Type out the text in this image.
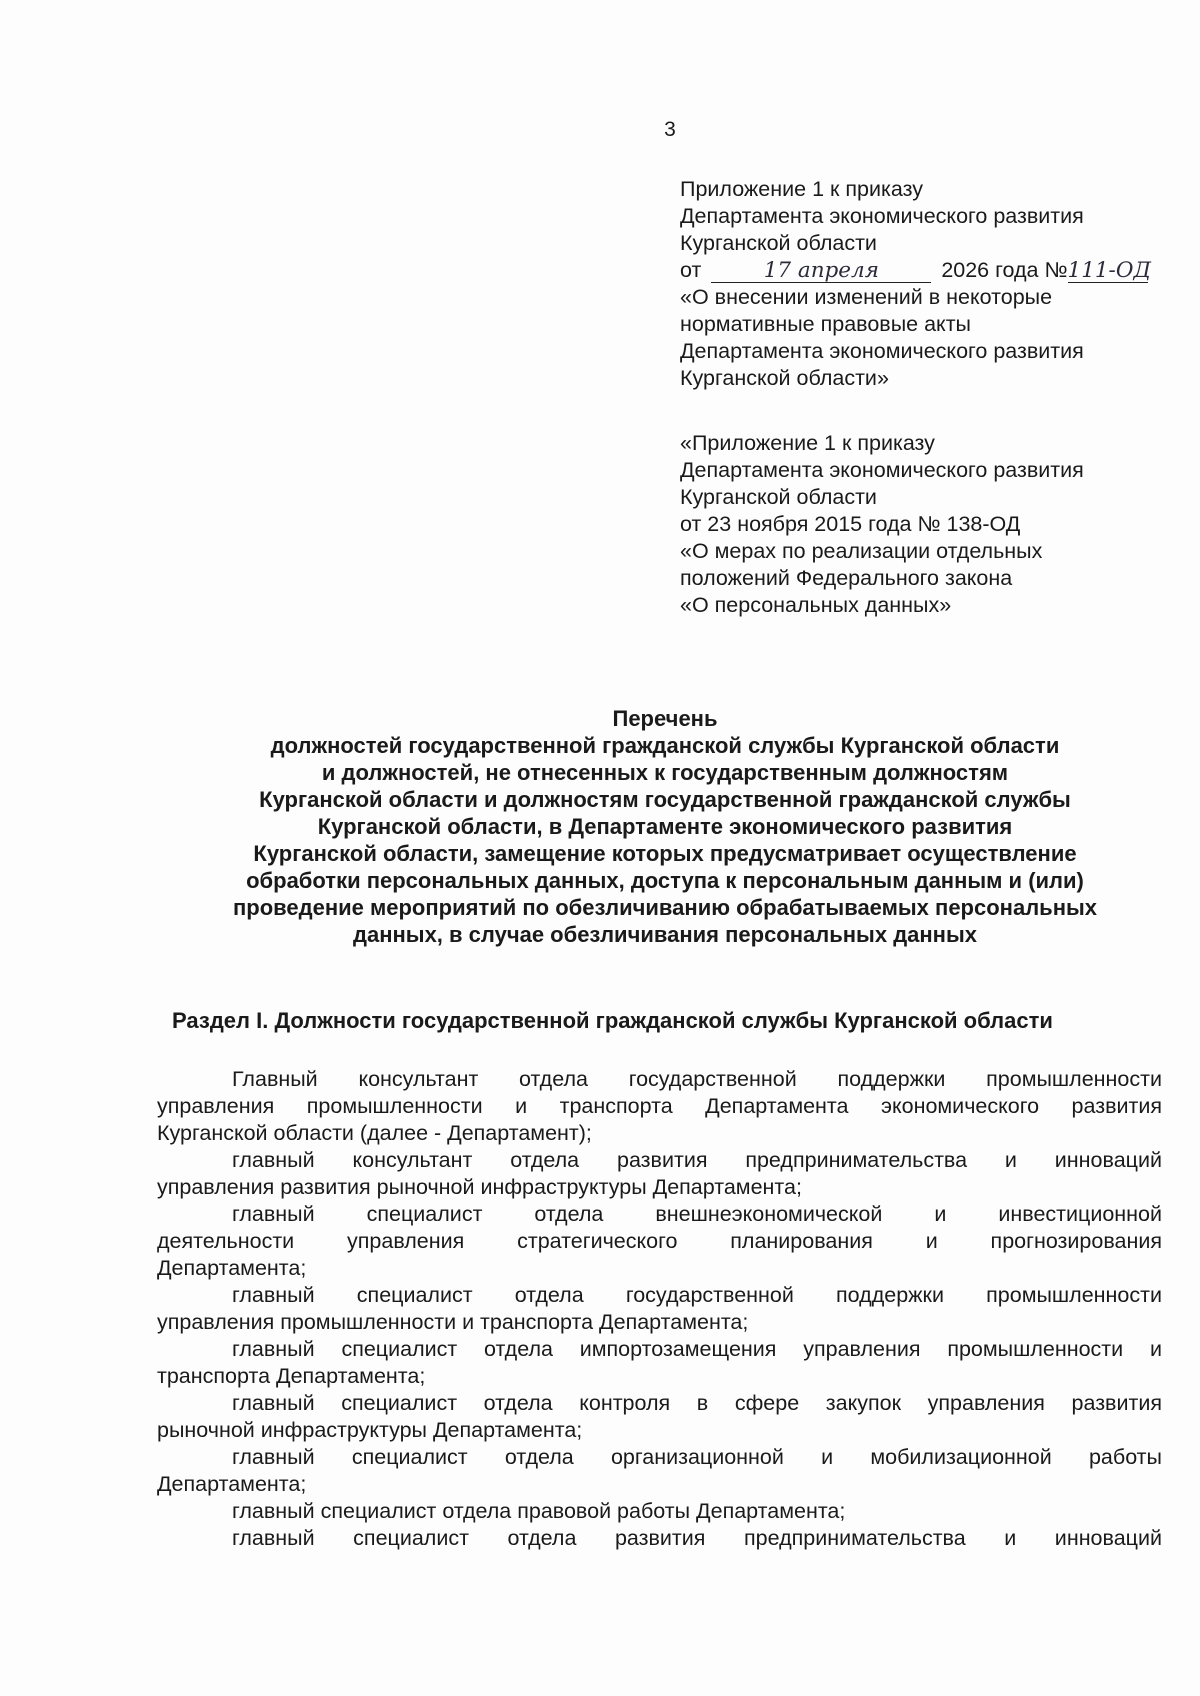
3
Приложение 1 к приказу
Департамента экономического развития
Курганской области
от	17 апреля	2026 года №111-ОД
«О внесении изменений в некоторые
нормативные правовые акты
Департамента экономического развития
Курганской области»
«Приложение 1 к приказу
Департамента экономического развития
Курганской области
от 23 ноября 2015 года № 138-ОД
«О мерах по реализации отдельных
положений Федерального закона
«О персональных данных»
Перечень
должностей государственной гражданской службы Курганской области
и должностей, не отнесенных к государственным должностям
Курганской области и должностям государственной гражданской службы
Курганской области, в Департаменте экономического развития
Курганской области, замещение которых предусматривает осуществление
обработки персональных данных, доступа к персональным данным и (или)
проведение мероприятий по обезличиванию обрабатываемых персональных
данных, в случае обезличивания персональных данных
Раздел I. Должности государственной гражданской службы Курганской области
Главный консультант отдела государственной поддержки промышленности
управления промышленности и транспорта Департамента экономического развития
Курганской области (далее - Департамент);
главный консультант отдела развития предпринимательства и инноваций
управления развития рыночной инфраструктуры Департамента;
главный специалист отдела внешнеэкономической и инвестиционной
деятельности управления стратегического планирования и прогнозирования
Департамента;
главный специалист отдела государственной поддержки промышленности
управления промышленности и транспорта Департамента;
главный специалист отдела импортозамещения управления промышленности и
транспорта Департамента;
главный специалист отдела контроля в сфере закупок управления развития
рыночной инфраструктуры Департамента;
главный специалист отдела организационной и мобилизационной работы
Департамента;
главный специалист отдела правовой работы Департамента;
главный специалист отдела развития предпринимательства и инноваций
